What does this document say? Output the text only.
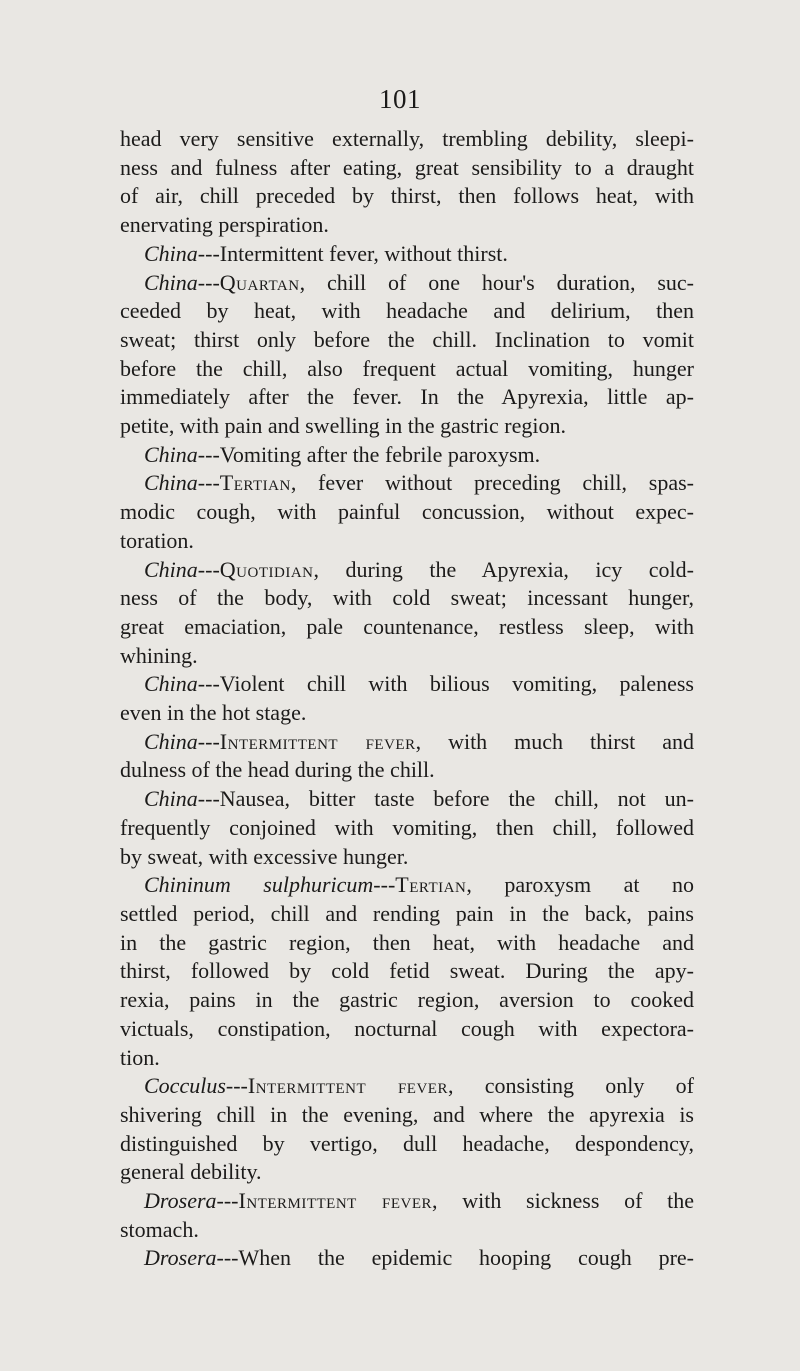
101
head very sensitive externally, trembling debility, sleepi-
ness and fulness after eating, great sensibility to a draught
of air, chill preceded by thirst, then follows heat, with
enervating perspiration.
China---Intermittent fever, without thirst.
China---Quartan, chill of one hour's duration, suc-
ceeded by heat, with headache and delirium, then
sweat; thirst only before the chill. Inclination to vomit
before the chill, also frequent actual vomiting, hunger
immediately after the fever. In the Apyrexia, little ap-
petite, with pain and swelling in the gastric region.
China---Vomiting after the febrile paroxysm.
China---Tertian, fever without preceding chill, spas-
modic cough, with painful concussion, without expec-
toration.
China---Quotidian, during the Apyrexia, icy cold-
ness of the body, with cold sweat; incessant hunger,
great emaciation, pale countenance, restless sleep, with
whining.
China---Violent chill with bilious vomiting, paleness
even in the hot stage.
China---Intermittent fever, with much thirst and
dulness of the head during the chill.
China---Nausea, bitter taste before the chill, not un-
frequently conjoined with vomiting, then chill, followed
by sweat, with excessive hunger.
Chininum sulphuricum---Tertian, paroxysm at no
settled period, chill and rending pain in the back, pains
in the gastric region, then heat, with headache and
thirst, followed by cold fetid sweat. During the apy-
rexia, pains in the gastric region, aversion to cooked
victuals, constipation, nocturnal cough with expectora-
tion.
Cocculus---Intermittent fever, consisting only of
shivering chill in the evening, and where the apyrexia is
distinguished by vertigo, dull headache, despondency,
general debility.
Drosera---Intermittent fever, with sickness of the
stomach.
Drosera---When the epidemic hooping cough pre-
